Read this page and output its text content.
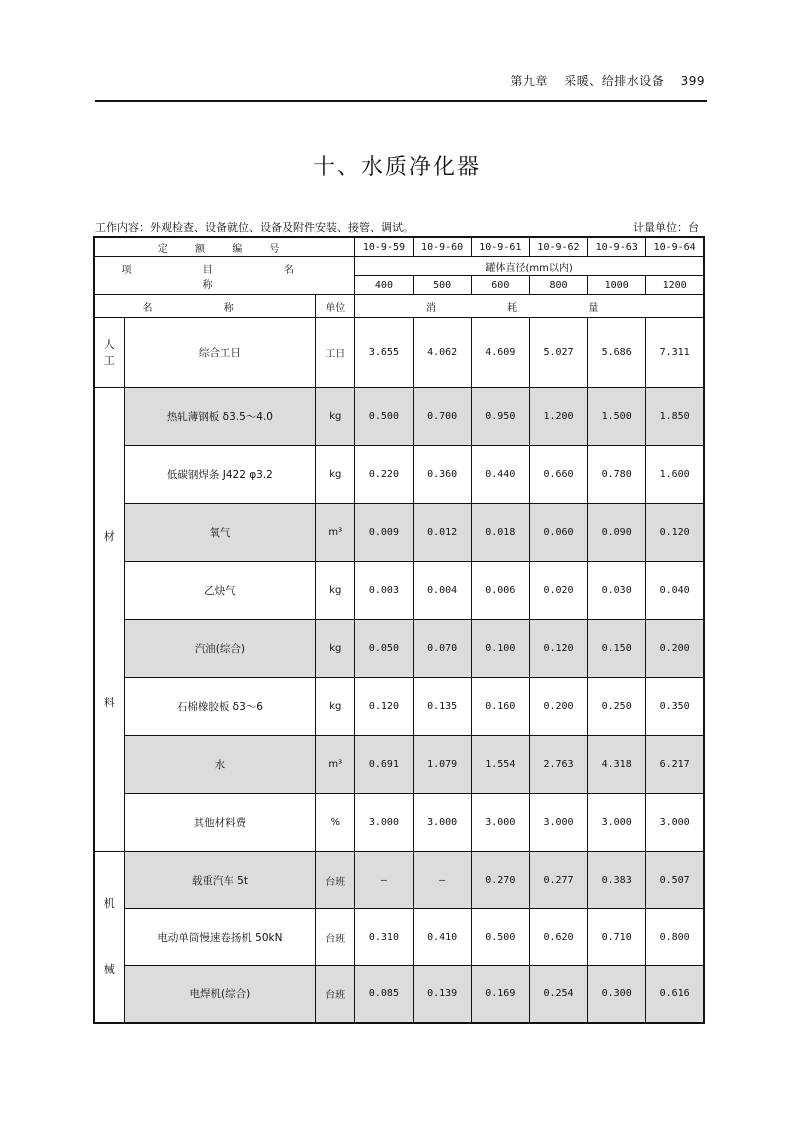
第九章 采暖、给排水设备 399
十、水质净化器
工作内容：外观检查、设备就位、设备及附件安装、接管、调试。	计量单位：台
定 额 编 号			10-9-59	10-9-60	10-9-61	10-9-62	10-9-63	10-9-64
项 目 名 称			罐体直径(mm以内)					
			400	500	600	800	1000	1200
名 称		单位	消 耗 量					

人
工	综合工日	工日	3.655	4.062	4.609	5.027	5.686	7.311

材
料	热轧薄钢板 δ3.5～4.0	kg	0.500	0.700	0.950	1.200	1.500	1.850
	低碳钢焊条 J422 φ3.2	kg	0.220	0.360	0.440	0.660	0.780	1.600
	氧气	m³	0.009	0.012	0.018	0.060	0.090	0.120
	乙炔气	kg	0.003	0.004	0.006	0.020	0.030	0.040
	汽油(综合)	kg	0.050	0.070	0.100	0.120	0.150	0.200
	石棉橡胶板 δ3～6	kg	0.120	0.135	0.160	0.200	0.250	0.350
	水	m³	0.691	1.079	1.554	2.763	4.318	6.217
	其他材料费	%	3.000	3.000	3.000	3.000	3.000	3.000

机
械	载重汽车 5t	台班	—	—	0.270	0.277	0.383	0.507
	电动单筒慢速卷扬机 50kN	台班	0.310	0.410	0.500	0.620	0.710	0.800
	电焊机(综合)	台班	0.085	0.139	0.169	0.254	0.300	0.616
